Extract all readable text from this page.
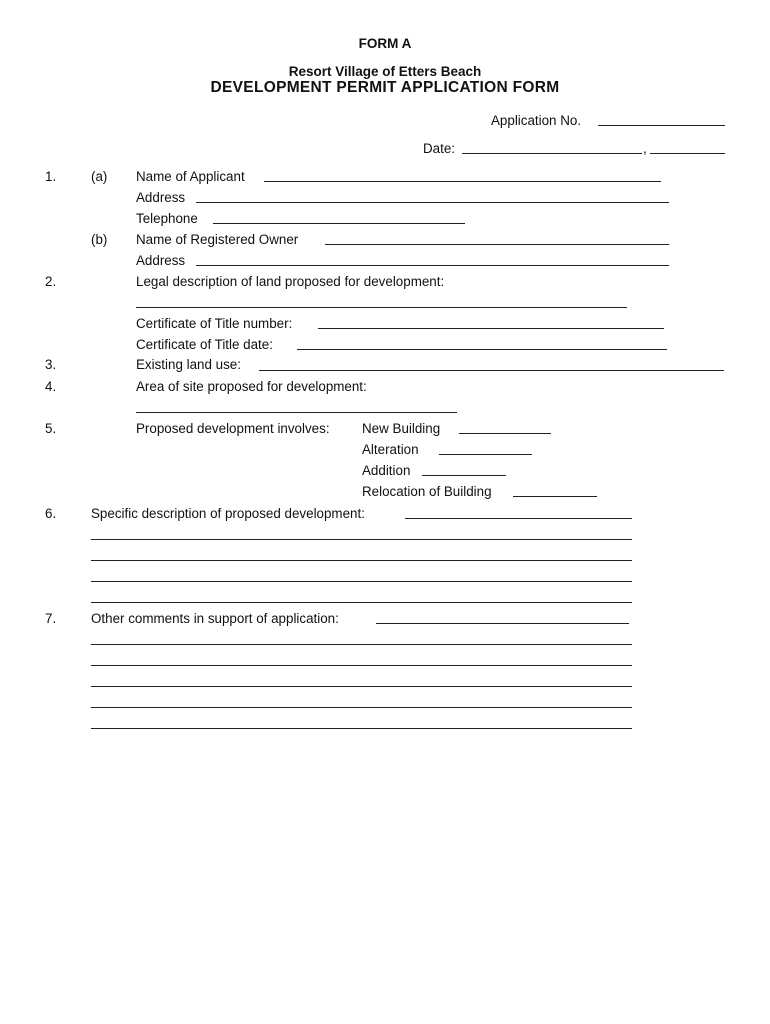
FORM A
Resort Village of Etters Beach
DEVELOPMENT PERMIT APPLICATION FORM
Application No.
Date:	,
1.	(a) Name of Applicant
Address
Telephone
(b) Name of Registered Owner
Address
2.	Legal description of land proposed for development:
Certificate of Title number:
Certificate of Title date:
3.	Existing land use:
4.	Area of site proposed for development:
5.	Proposed development involves: New Building
Alteration
Addition
Relocation of Building
6.	Specific description of proposed development:
7.	Other comments in support of application:
